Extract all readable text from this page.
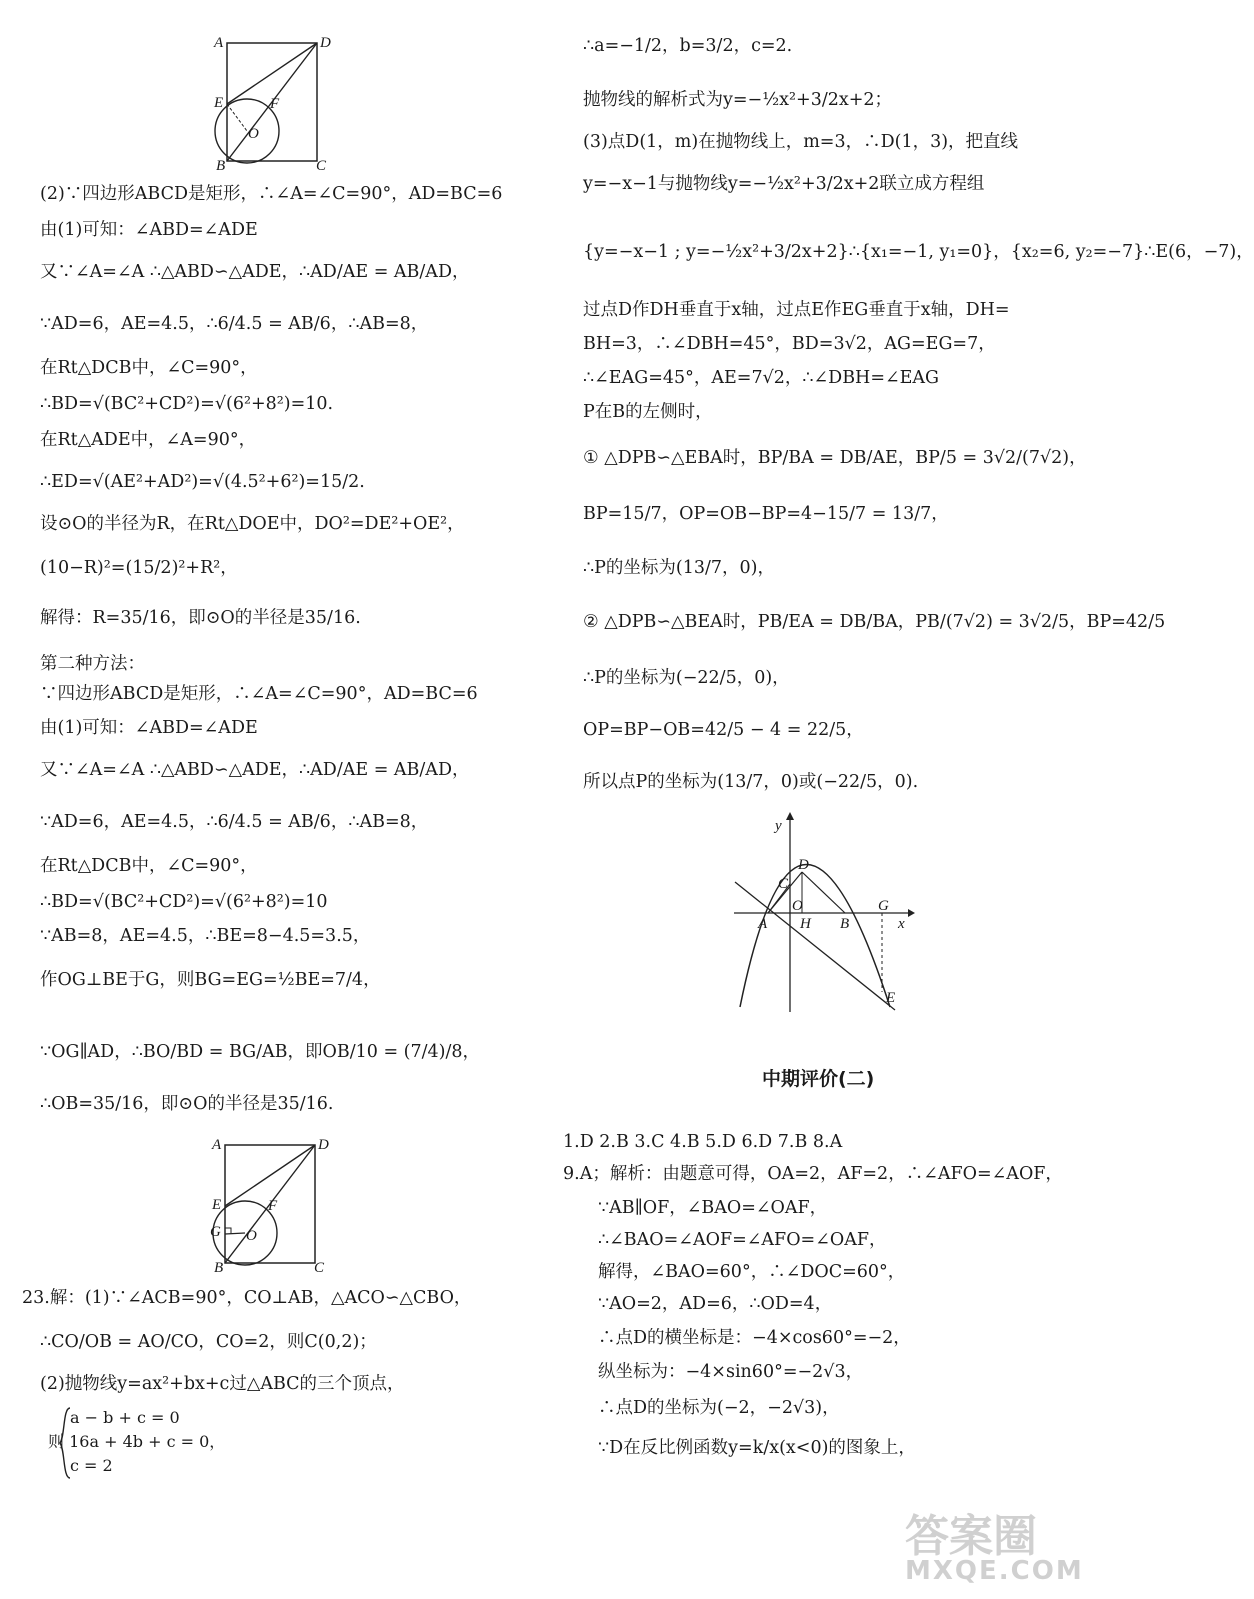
A	D
E	F
O
B	C
(2)∵四边形ABCD是矩形，∴∠A=∠C=90°，AD=BC=6
由(1)可知：∠ABD=∠ADE
又∵∠A=∠A ∴△ABD∽△ADE，∴AD/AE = AB/AD，
∵AD=6，AE=4.5，∴6/4.5 = AB/6，∴AB=8，
在Rt△DCB中，∠C=90°，
∴BD=√(BC²+CD²)=√(6²+8²)=10.
在Rt△ADE中，∠A=90°，
∴ED=√(AE²+AD²)=√(4.5²+6²)=15/2.
设⊙O的半径为R，在Rt△DOE中，DO²=DE²+OE²，
(10−R)²=(15/2)²+R²，
解得：R=35/16，即⊙O的半径是35/16.
第二种方法：
∵四边形ABCD是矩形，∴∠A=∠C=90°，AD=BC=6
由(1)可知：∠ABD=∠ADE
又∵∠A=∠A ∴△ABD∽△ADE，∴AD/AE = AB/AD，
∵AD=6，AE=4.5，∴6/4.5 = AB/6，∴AB=8，
在Rt△DCB中，∠C=90°，
∴BD=√(BC²+CD²)=√(6²+8²)=10
∵AB=8，AE=4.5，∴BE=8−4.5=3.5，
作OG⊥BE于G，则BG=EG=½BE=7/4，
∵OG∥AD，∴BO/BD = BG/AB，即OB/10 = (7/4)/8，
∴OB=35/16，即⊙O的半径是35/16.
A	D
E	F
G O
B	C
23.解：(1)∵∠ACB=90°，CO⊥AB，△ACO∽△CBO，
∴CO/OB = AO/CO，CO=2，则C(0,2)；
(2)抛物线y=ax²+bx+c过△ABC的三个顶点，
a − b + c = 0
则 16a + 4b + c = 0，
c = 2
∴a=−1/2，b=3/2，c=2.
抛物线的解析式为y=−½x²+3/2x+2；
(3)点D(1，m)在抛物线上，m=3，∴D(1，3)，把直线
y=−x−1与抛物线y=−½x²+3/2x+2联立成方程组
{y=−x−1 ; y=−½x²+3/2x+2}∴{x₁=−1, y₁=0}，{x₂=6, y₂=−7}∴E(6，−7)，
过点D作DH垂直于x轴，过点E作EG垂直于x轴，DH=
BH=3，∴∠DBH=45°，BD=3√2，AG=EG=7，
∴∠EAG=45°，AE=7√2，∴∠DBH=∠EAG
P在B的左侧时，
① △DPB∽△EBA时，BP/BA = DB/AE，BP/5 = 3√2/(7√2)，
BP=15/7，OP=OB−BP=4−15/7 = 13/7，
∴P的坐标为(13/7，0)，
② △DPB∽△BEA时，PB/EA = DB/BA，PB/(7√2) = 3√2/5，BP=42/5
∴P的坐标为(−22/5，0)，
OP=BP−OB=42/5 − 4 = 22/5，
所以点P的坐标为(13/7，0)或(−22/5，0).
y
D
C
O
A H B
G
x
E
中期评价(二)
1.D 2.B 3.C 4.B 5.D 6.D 7.B 8.A
9.A；解析：由题意可得，OA=2，AF=2，∴∠AFO=∠AOF，
∵AB∥OF，∠BAO=∠OAF，
∴∠BAO=∠AOF=∠AFO=∠OAF，
解得，∠BAO=60°，∴∠DOC=60°，
∵AO=2，AD=6，∴OD=4，
∴点D的横坐标是：−4×cos60°=−2，
纵坐标为：−4×sin60°=−2√3，
∴点D的坐标为(−2，−2√3)，
∵D在反比例函数y=k/x(x<0)的图象上，
答案圈
MXQE.COM
